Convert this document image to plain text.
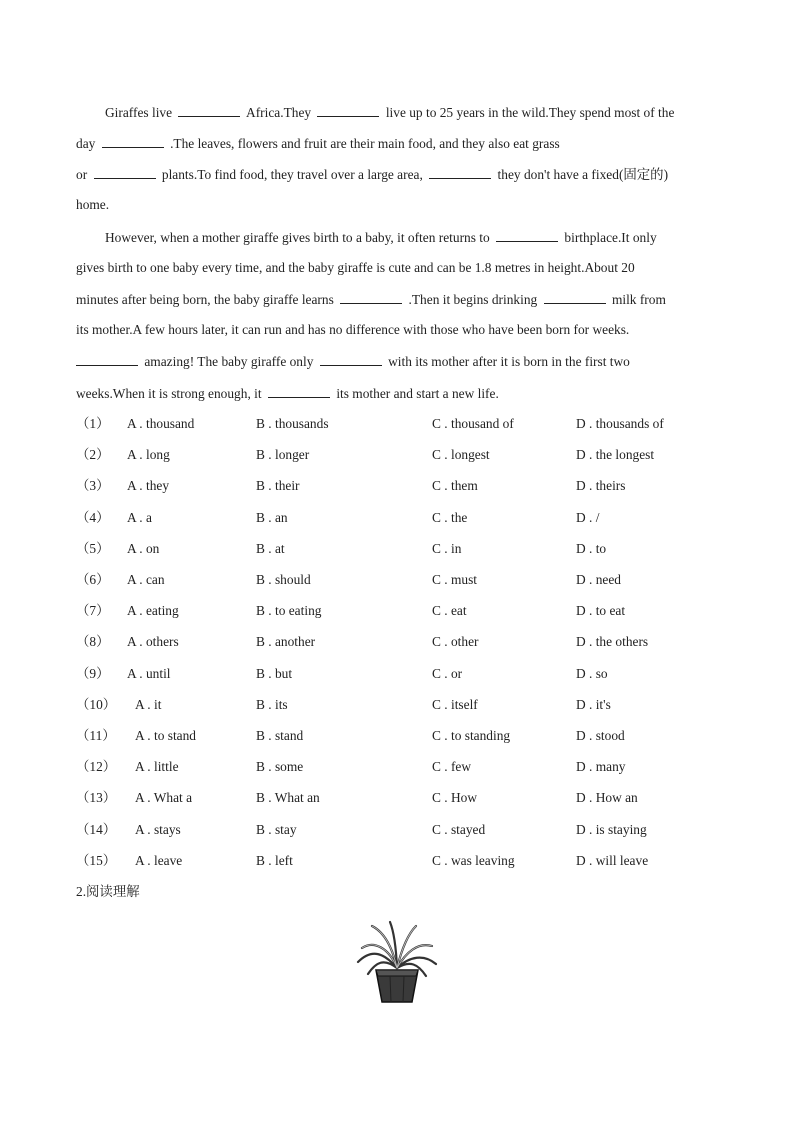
Giraffes live	Africa.They	live up to 25 years in the wild.They spend most of the
day	.The leaves, flowers and fruit are their main food, and they also eat grass
or	plants.To find food, they travel over a large area,	they don't have a fixed(固定的)
home.
However, when a mother giraffe gives birth to a baby, it often returns to	birthplace.It only
gives birth to one baby every time, and the baby giraffe is cute and can be 1.8 metres in height.About 20
minutes after being born, the baby giraffe learns	.Then it begins drinking	milk from
its mother.A few hours later, it can run and has no difference with those who have been born for weeks.
amazing! The baby giraffe only	with its mother after it is born in the first two
weeks.When it is strong enough, it	its mother and start a new life.
（1） A . thousand	B . thousands	C . thousand of	D . thousands of
（2） A . long	B . longer	C . longest	D . the longest
（3） A . they	B . their	C . them	D . theirs
（4） A . a	B . an	C . the	D . /
（5） A . on	B . at	C . in	D . to
（6） A . can	B . should	C . must	D . need
（7） A . eating	B . to eating	C . eat	D . to eat
（8） A . others	B . another	C . other	D . the others
（9） A . until	B . but	C . or	D . so
（10） A . it	B . its	C . itself	D . it's
（11） A . to stand	B . stand	C . to standing	D . stood
（12） A . little	B . some	C . few	D . many
（13） A . What a	B . What an	C . How	D . How an
（14） A . stays	B . stay	C . stayed	D . is staying
（15） A . leave	B . left	C . was leaving	D . will leave
2.阅读理解
